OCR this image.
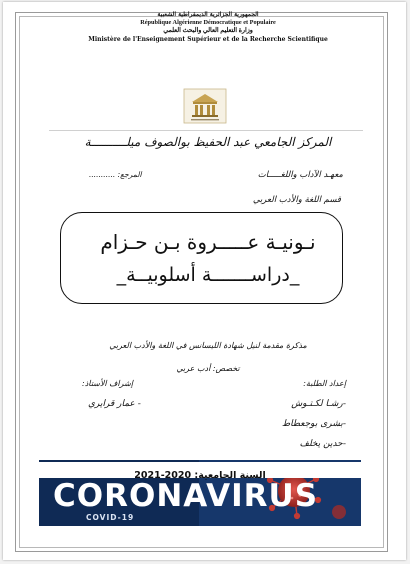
الجمهورية الجزائرية الديمقراطية الشعبية
République Algérienne Démocratique et Populaire
وزارة التعليم العالي والبحث العلمي
Ministère de l'Enseignement Supérieur et de la Recherche Scientifique
المركز الجامعي عبد الحفيظ بوالصوف ميلــــــــــة
معهـد الآداب واللغـــــات
المرجع: ...........
قسم اللغة والأدب العربي
نـونيـة عـــــروة بـن حـزام
_دراســـــــة أسلوبيــة_
مذكرة مقدمة لنيل شهادة الليسانس في اللغة والأدب العربي
تخصص: أدب عربي
إعداد الطلبة:
إشراف الأستاذ:
-رشـا لكـتـوش
-بشرى بوجعطاط
-حدين يخلف
- عمار قرايري
السنة الجامعية: 2020-2021
CORONAVIRUS
COVID-19
